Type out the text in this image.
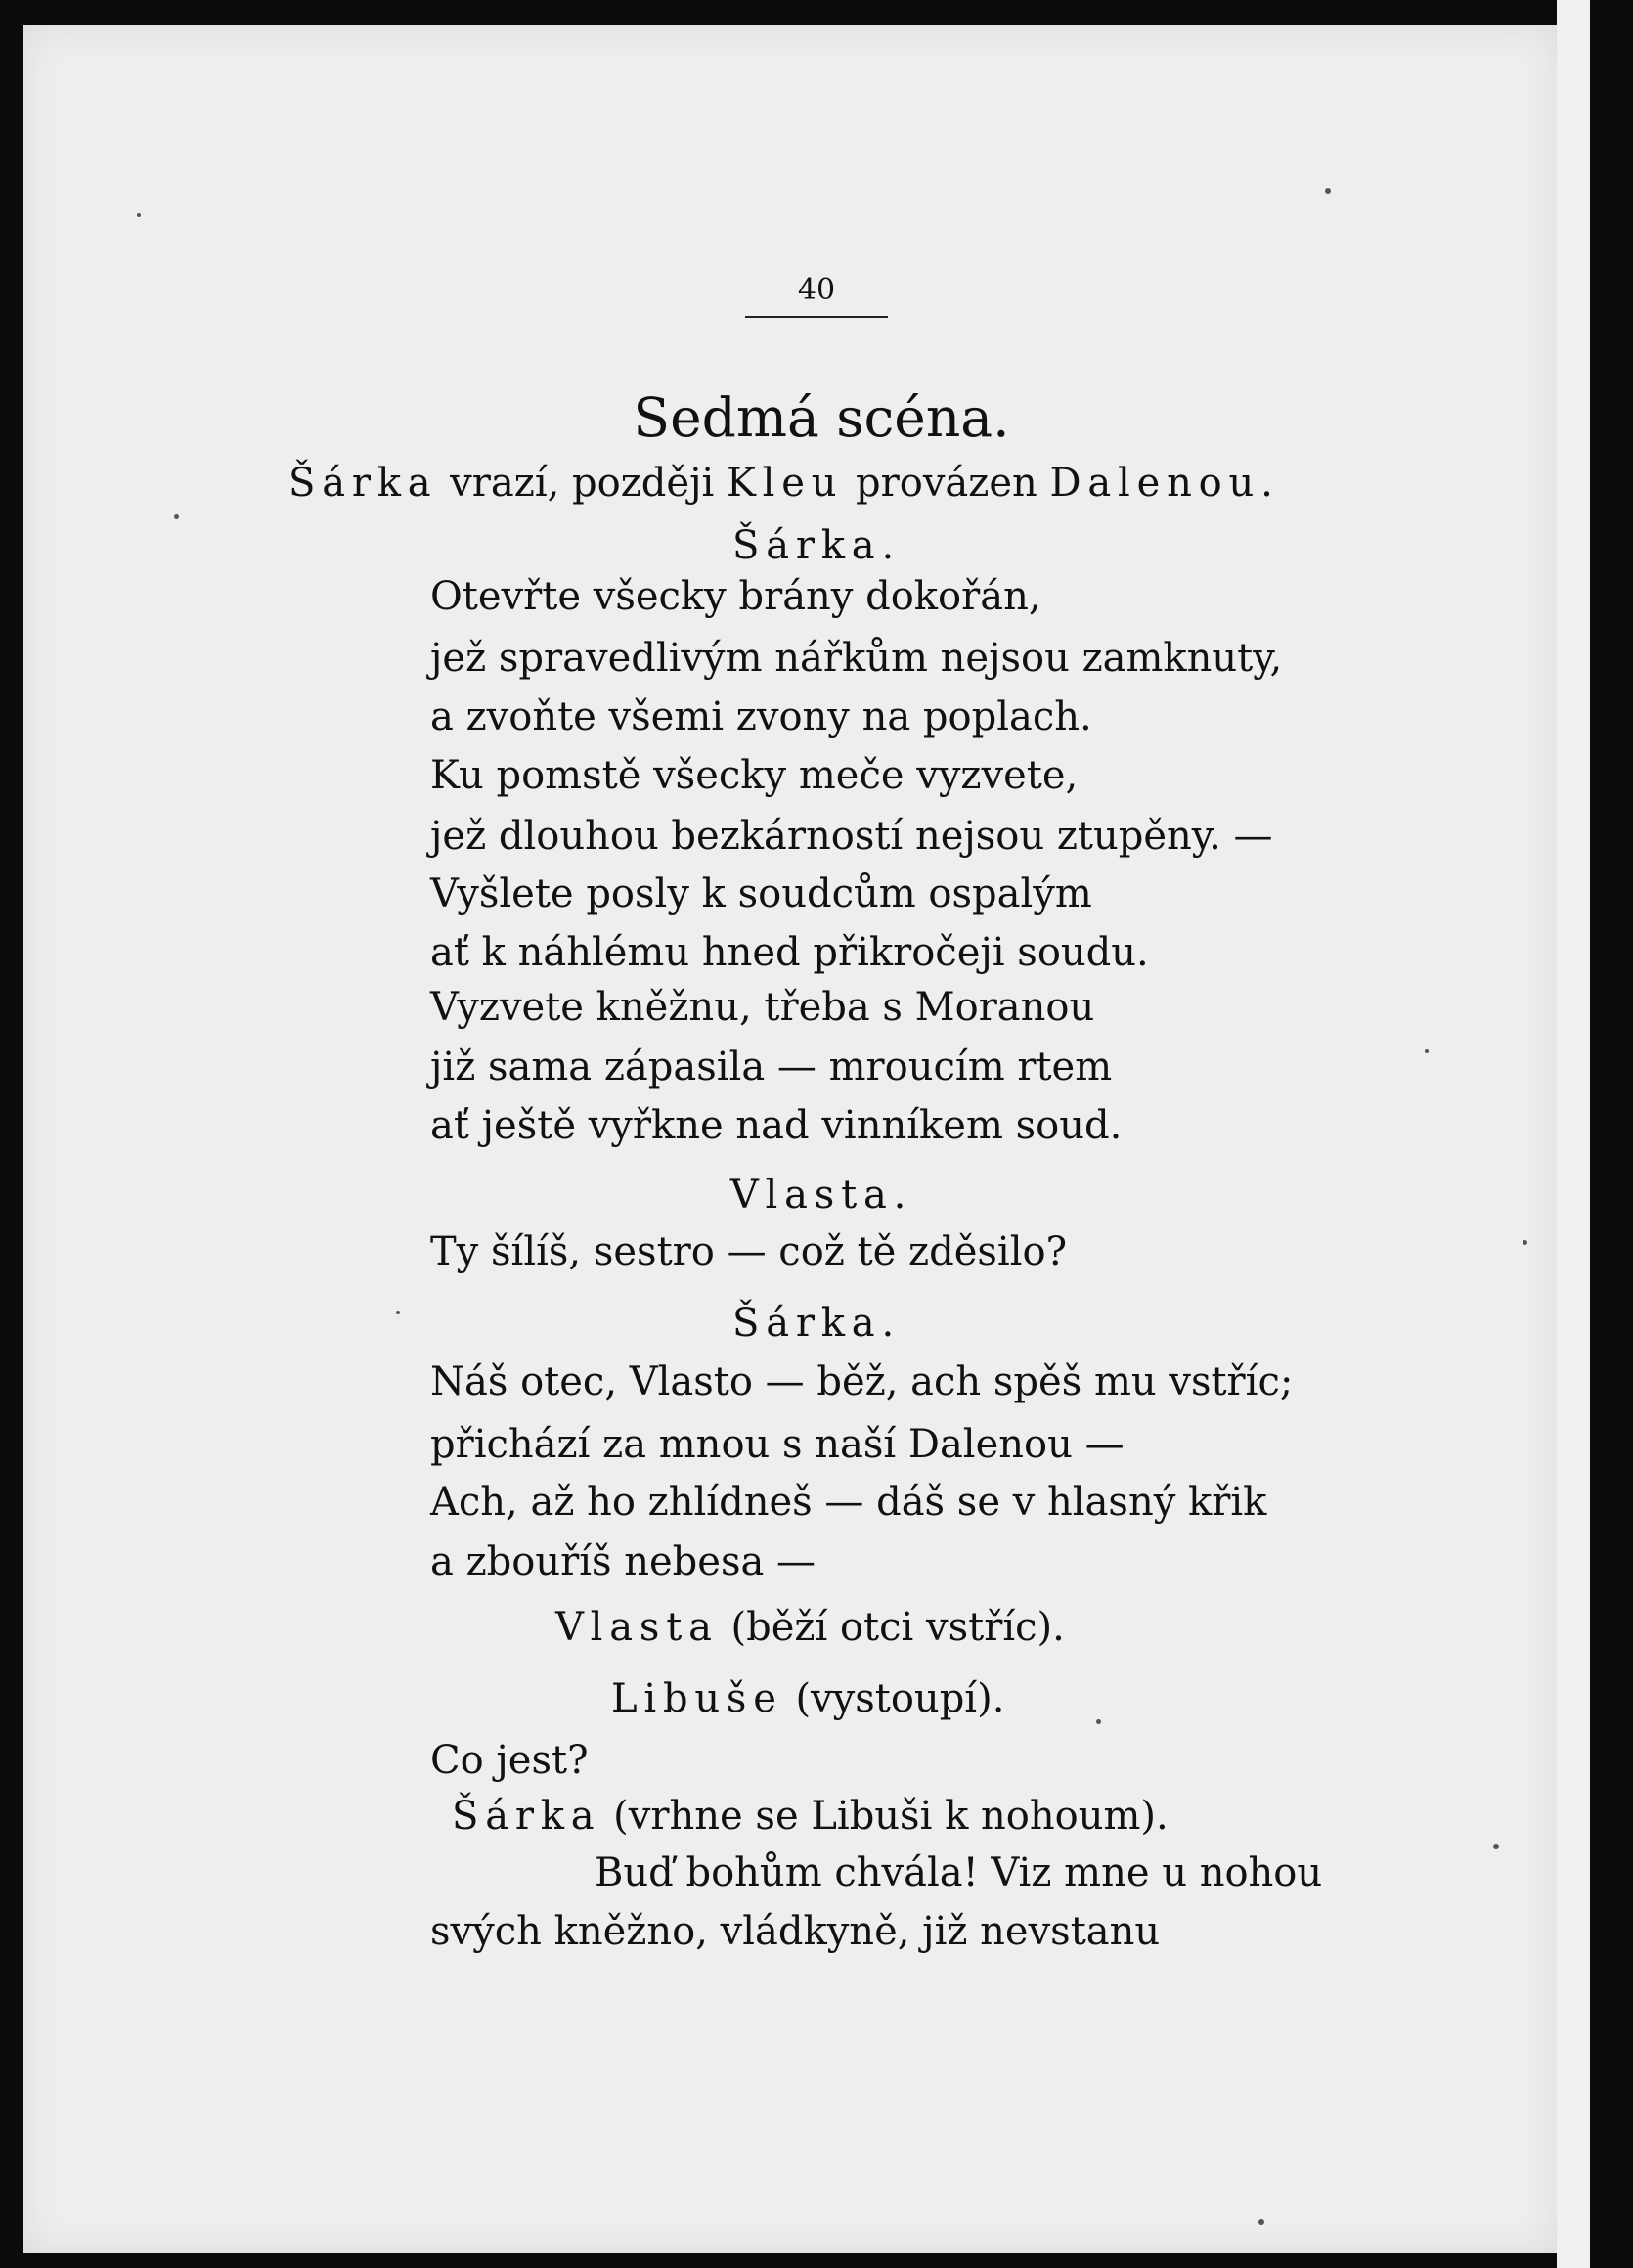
40
Sedmá scéna.
Šárka vrazí, později Kleu provázen Dalenou.
Šárka.
Otevřte všecky brány dokořán,
jež spravedlivým nářkům nejsou zamknuty,
a zvoňte všemi zvony na poplach.
Ku pomstě všecky meče vyzvete,
jež dlouhou bezkárností nejsou ztupěny. —
Vyšlete posly k soudcům ospalým
ať k náhlému hned přikročeji soudu.
Vyzvete kněžnu, třeba s Moranou
již sama zápasila — mroucím rtem
ať ještě vyřkne nad vinníkem soud.
Vlasta.
Ty šílíš, sestro — což tě zděsilo?
Šárka.
Náš otec, Vlasto — běž, ach spěš mu vstříc;
přichází za mnou s naší Dalenou —
Ach, až ho zhlídneš — dáš se v hlasný křik
a zbouříš nebesa —
Vlasta (běží otci vstříc).
Libuše (vystoupí).
Co jest?
Šárka (vrhne se Libuši k nohoum).
Buď bohům chvála! Viz mne u nohou
svých kněžno, vládkyně, již nevstanu
